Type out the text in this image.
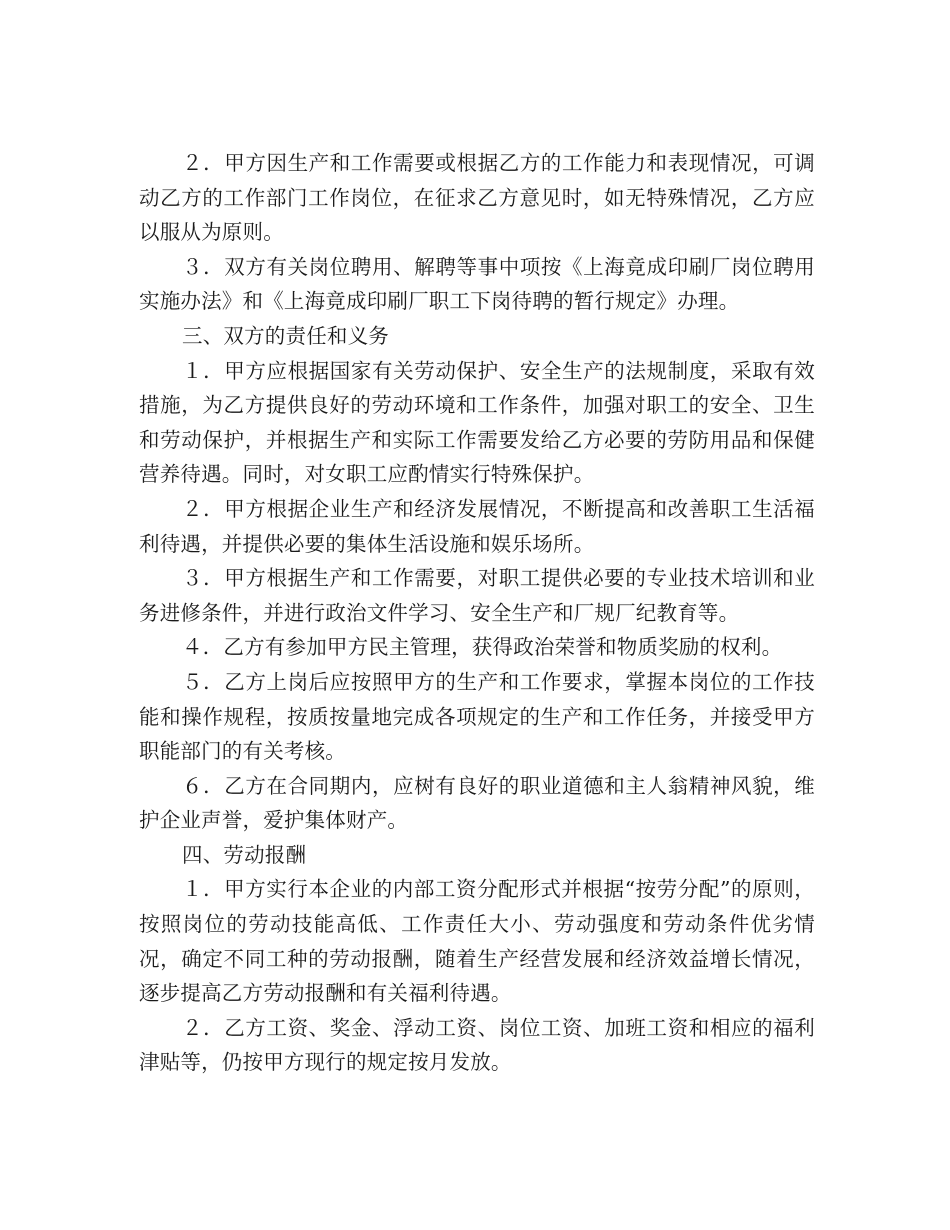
２．甲方因生产和工作需要或根据乙方的工作能力和表现情况，可调动乙方的工作部门工作岗位，在征求乙方意见时，如无特殊情况，乙方应以服从为原则。

３．双方有关岗位聘用、解聘等事中项按《上海竟成印刷厂岗位聘用实施办法》和《上海竟成印刷厂职工下岗待聘的暂行规定》办理。

三、双方的责任和义务

１．甲方应根据国家有关劳动保护、安全生产的法规制度，采取有效措施，为乙方提供良好的劳动环境和工作条件，加强对职工的安全、卫生和劳动保护，并根据生产和实际工作需要发给乙方必要的劳防用品和保健营养待遇。同时，对女职工应酌情实行特殊保护。

２．甲方根据企业生产和经济发展情况，不断提高和改善职工生活福利待遇，并提供必要的集体生活设施和娱乐场所。

３．甲方根据生产和工作需要，对职工提供必要的专业技术培训和业务进修条件，并进行政治文件学习、安全生产和厂规厂纪教育等。

４．乙方有参加甲方民主管理，获得政治荣誉和物质奖励的权利。

５．乙方上岗后应按照甲方的生产和工作要求，掌握本岗位的工作技能和操作规程，按质按量地完成各项规定的生产和工作任务，并接受甲方职能部门的有关考核。

６．乙方在合同期内，应树有良好的职业道德和主人翁精神风貌，维护企业声誉，爱护集体财产。

四、劳动报酬

１．甲方实行本企业的内部工资分配形式并根据“按劳分配”的原则，按照岗位的劳动技能高低、工作责任大小、劳动强度和劳动条件优劣情况，确定不同工种的劳动报酬，随着生产经营发展和经济效益增长情况，逐步提高乙方劳动报酬和有关福利待遇。

２．乙方工资、奖金、浮动工资、岗位工资、加班工资和相应的福利津贴等，仍按甲方现行的规定按月发放。
